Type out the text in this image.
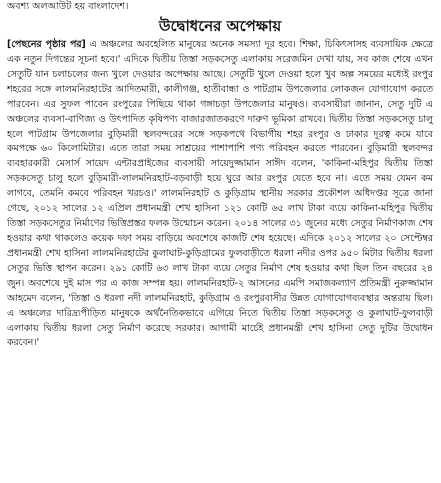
অবশ্য অলআউট হয় বাংলাদেশ।

উদ্বোধনের অপেক্ষায়

[পেছনের পৃষ্ঠার পর] এ অঞ্চলের অবহেলিত মানুষের অনেক সমস্যা দূর হবে। শিক্ষা, চিকিৎসাসহ ব্যবসায়িক ক্ষেত্রে এক নতুন দিগন্তের সূচনা হবে।' এদিকে দ্বিতীয় তিস্তা সড়কসেতু এলাকায় সরেজমিন দেখা যায়, সব কাজ শেষে এখন সেতুটি যান চলাচলের জন্য খুলে দেওয়ার অপেক্ষায় আছে। সেতুটি খুলে দেওয়া হলে খুব অল্প সময়ের মধ্যেই রংপুর শহরের সঙ্গে লালমনিরহাটের আদিতমারী, কালীগঞ্জ, হাতীবান্ধা ও পাটগ্রাম উপজেলার লোকজন যোগাযোগ করতে পারবেন। এর সুফল পাবেন রংপুরের পিছিয়ে থাকা গঙ্গাচড়া উপজেলার মানুষও। ব্যবসায়ীরা জানান, সেতু দুটি এ অঞ্চলের ব্যবসা-বাণিজ্য ও উৎপাদিত কৃষিপণ্য বাজারজাতকরণে দারুণ ভূমিকা রাখবে। দ্বিতীয় তিস্তা সড়কসেতু চালু হলে পাটগ্রাম উপজেলার বুড়িমারী স্থলবন্দরের সঙ্গে সড়কপথে বিভাগীয় শহর রংপুর ও ঢাকার দূরত্ব কমে যাবে কমপক্ষে ৬০ কিলোমিটার। এতে তারা সময় সাশ্রয়ের পাশাপাশি পণ্য পরিবহন করতে পারবেন। বুড়িমারী স্থলবন্দর ব্যবহারকারী মেসার্স সায়েদ এন্টারপ্রাইজের ব্যবসায়ী সায়েদুজ্জামান সাঈদ বলেন, 'কাকিনা-মহিপুর দ্বিতীয় তিস্তা সড়কসেতু চালু হলে বুড়িমারী-লালমনিরহাট-বড়বাড়ী হয়ে ঘুরে আর রংপুর যেতে হবে না। এতে সময় যেমন কম লাগবে, তেমনি কমবে পরিবহন খরচও।' লালমনিরহাট ও কুড়িগ্রাম স্থানীয় সরকার প্রকৌশল অধিদপ্তর সূত্রে জানা গেছে, ২০১২ সালের ১২ এপ্রিল প্রধানমন্ত্রী শেখ হাসিনা ১২১ কোটি ৬৫ লাখ টাকা ব্যয়ে কাকিনা-মহিপুর দ্বিতীয় তিস্তা সড়কসেতুর নির্মাণের ভিত্তিপ্রস্তর ফলক উন্মোচন করেন। ২০১৪ সালের ৩১ জুনের মধ্যে সেতুর নির্মাণকাজ শেষ হওয়ার কথা থাকলেও কয়েক দফা সময় বাড়িয়ে অবশেষে কাজটি শেষ হয়েছে। এদিকে ২০১২ সালের ২০ সেপ্টেম্বর প্রধানমন্ত্রী শেখ হাসিনা লালমনিরহাটের কুলাঘাট-কুড়িগ্রামের ফুলবাড়ীতে ধরলা নদীর ওপর ৯৫০ মিটার দ্বিতীয় ধরলা সেতুর ভিত্তি স্থাপন করেন। ২৯১ কোটি ৬৩ লাখ টাকা ব্যয়ে সেতুর নির্মাণ শেষ হওয়ার কথা ছিল তিন বছরের ২৪ জুন। অবশেষে দুই মাস পর এ কাজ সম্পন্ন হয়। লালমনিরহাট-২ আসনের এমপি সমাজকল্যাণ প্রতিমন্ত্রী নুরুজ্জামান আহমেদ বলেন, 'তিস্তা ও ধরলা নদী লালমনিরহাট, কুড়িগ্রাম ও রংপুরবাসীর উন্নত যোগাযোগব্যবস্থার অন্তরায় ছিল। এ অঞ্চলের দারিদ্র্যপীড়িত মানুষকে অর্থনৈতিকভাবে এগিয়ে নিতে দ্বিতীয় তিস্তা সড়কসেতু ও কুলাঘাট-ফুলবাড়ী এলাকায় দ্বিতীয় ধরলা সেতু নির্মাণ করেছে সরকার। আগামী মার্চেই প্রধানমন্ত্রী শেখ হাসিনা সেতু দুটির উদ্বোধন করবেন।'
